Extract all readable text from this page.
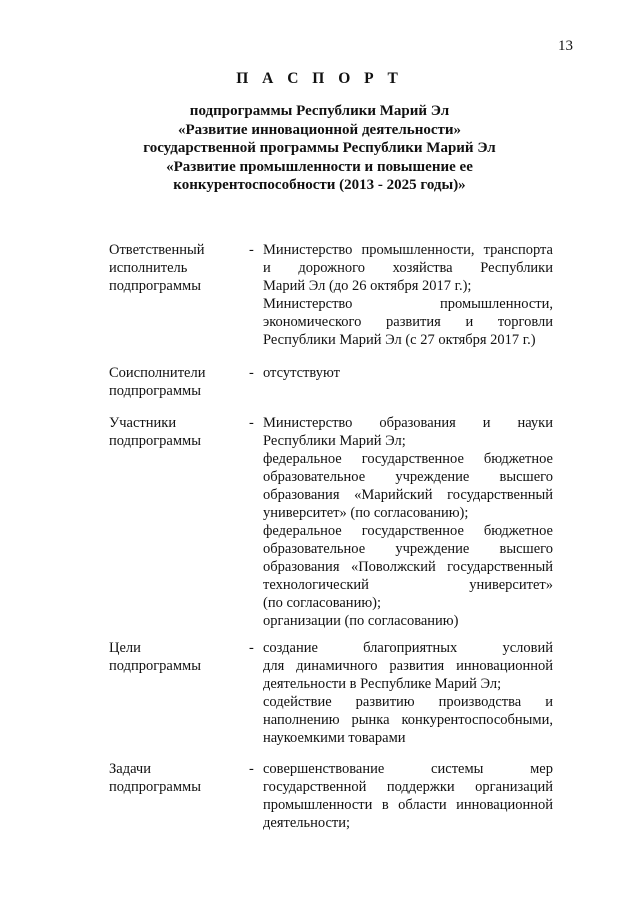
13
П А С П О Р Т
подпрограммы Республики Марий Эл
«Развитие инновационной деятельности»
государственной программы Республики Марий Эл
«Развитие промышленности и повышение ее
конкурентоспособности (2013 - 2025 годы)»
Ответственный
исполнитель
подпрограммы
- Министерство промышленности, транспорта
и дорожного хозяйства Республики
Марий Эл (до 26 октября 2017 г.);
Министерство промышленности,
экономического развития и торговли
Республики Марий Эл (с 27 октября 2017 г.)
Соисполнители
подпрограммы
- отсутствуют
Участники
подпрограммы
- Министерство образования и науки
Республики Марий Эл;
федеральное государственное бюджетное
образовательное учреждение высшего
образования «Марийский государственный
университет» (по согласованию);
федеральное государственное бюджетное
образовательное учреждение высшего
образования «Поволжский государственный
технологический университет»
(по согласованию);
организации (по согласованию)
Цели
подпрограммы
- создание благоприятных условий
для динамичного развития инновационной
деятельности в Республике Марий Эл;
содействие развитию производства и
наполнению рынка конкурентоспособными,
наукоемкими товарами
Задачи
подпрограммы
- совершенствование системы мер
государственной поддержки организаций
промышленности в области инновационной
деятельности;
